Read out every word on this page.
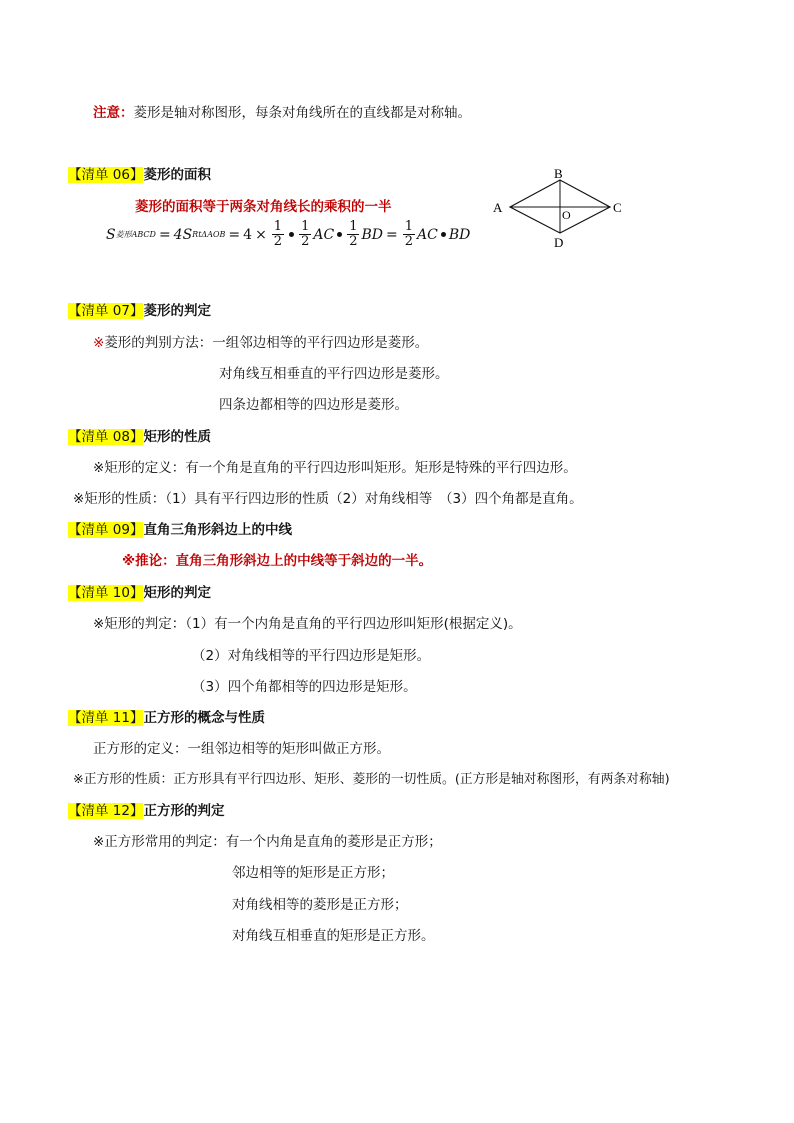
注意：菱形是轴对称图形，每条对角线所在的直线都是对称轴。
【清单 06】菱形的面积
菱形的面积等于两条对角线长的乘积的一半
S 菱形ABCD = 4S $Rt\Delta AOB = 4 \times \frac{1}{2} \frac{1}{2}$ AC $\frac{1}{2}$ BD = $\frac{1}{2}$ AC BD
A
B
C
D
O
【清单 07】菱形的判定
※菱形的判别方法：一组邻边相等的平行四边形是菱形。
对角线互相垂直的平行四边形是菱形。
四条边都相等的四边形是菱形。
【清单 08】矩形的性质
※矩形的定义：有一个角是直角的平行四边形叫矩形。矩形是特殊的平行四边形。
※矩形的性质：（1）具有平行四边形的性质（2）对角线相等　（3）四个角都是直角。
【清单 09】直角三角形斜边上的中线
※推论：直角三角形斜边上的中线等于斜边的一半。
【清单 10】矩形的判定
※矩形的判定：（1）有一个内角是直角的平行四边形叫矩形(根据定义)。
（2）对角线相等的平行四边形是矩形。
（3）四个角都相等的四边形是矩形。
【清单 11】正方形的概念与性质
正方形的定义：一组邻边相等的矩形叫做正方形。
※正方形的性质：正方形具有平行四边形、矩形、菱形的一切性质。(正方形是轴对称图形，有两条对称轴)
【清单 12】正方形的判定
※正方形常用的判定：有一个内角是直角的菱形是正方形；
邻边相等的矩形是正方形；
对角线相等的菱形是正方形；
对角线互相垂直的矩形是正方形。
